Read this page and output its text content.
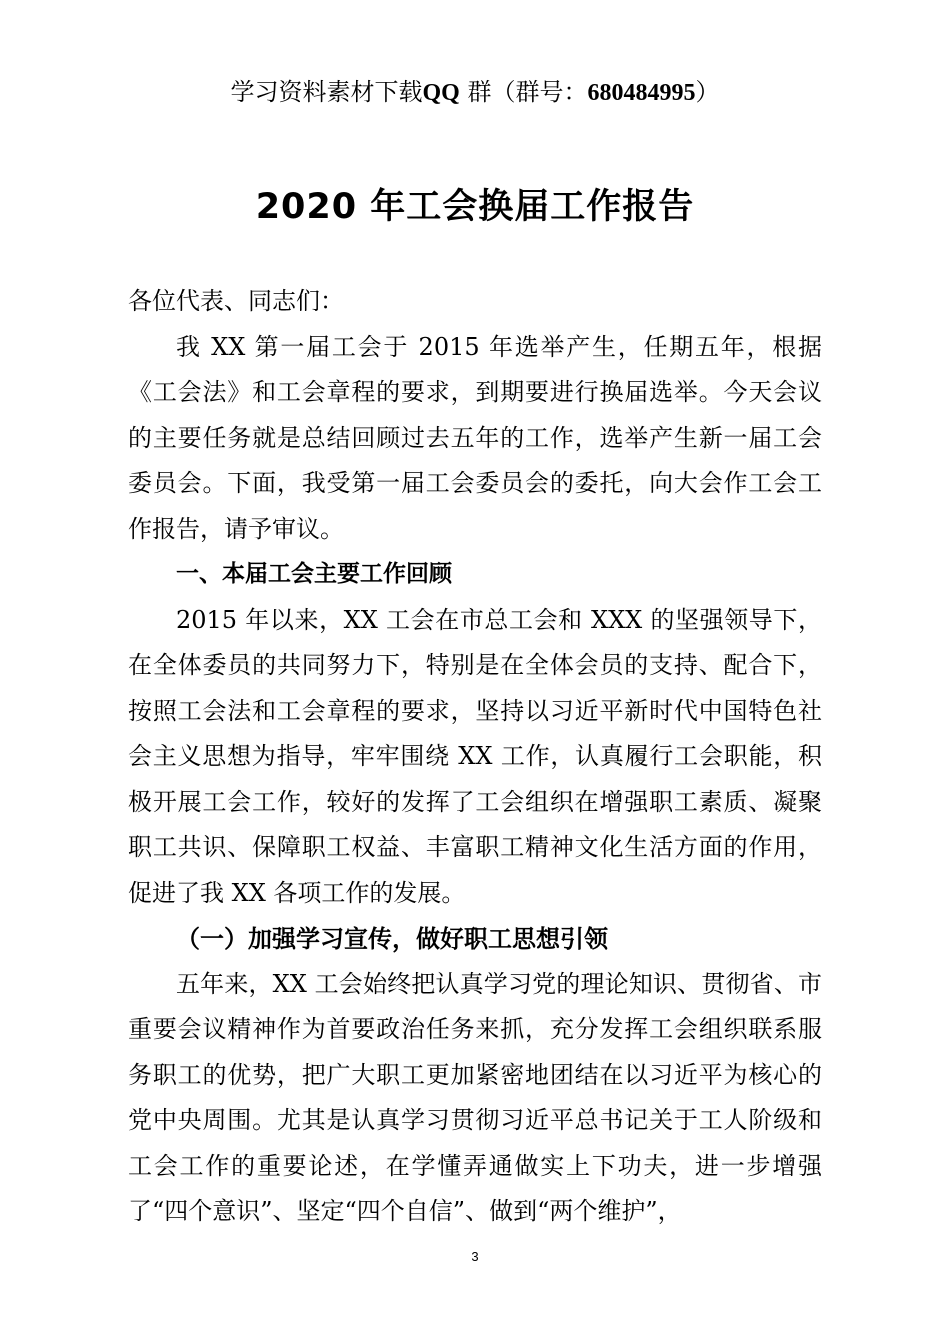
学习资料素材下载QQ 群（群号：680484995）
2020 年工会换届工作报告

各位代表、同志们：

我 XX 第一届工会于 2015 年选举产生，任期五年，根据《工会法》和工会章程的要求，到期要进行换届选举。今天会议的主要任务就是总结回顾过去五年的工作，选举产生新一届工会委员会。下面，我受第一届工会委员会的委托，向大会作工会工作报告，请予审议。

一、本届工会主要工作回顾

2015 年以来，XX 工会在市总工会和 XXX 的坚强领导下，在全体委员的共同努力下，特别是在全体会员的支持、配合下，按照工会法和工会章程的要求，坚持以习近平新时代中国特色社会主义思想为指导，牢牢围绕 XX 工作，认真履行工会职能，积极开展工会工作，较好的发挥了工会组织在增强职工素质、凝聚职工共识、保障职工权益、丰富职工精神文化生活方面的作用，促进了我 XX 各项工作的发展。

（一）加强学习宣传，做好职工思想引领

五年来，XX 工会始终把认真学习党的理论知识、贯彻省、市重要会议精神作为首要政治任务来抓，充分发挥工会组织联系服务职工的优势，把广大职工更加紧密地团结在以习近平为核心的党中央周围。尤其是认真学习贯彻习近平总书记关于工人阶级和工会工作的重要论述，在学懂弄通做实上下功夫，进一步增强了“四个意识”、坚定“四个自信”、做到“两个维护”，

3
